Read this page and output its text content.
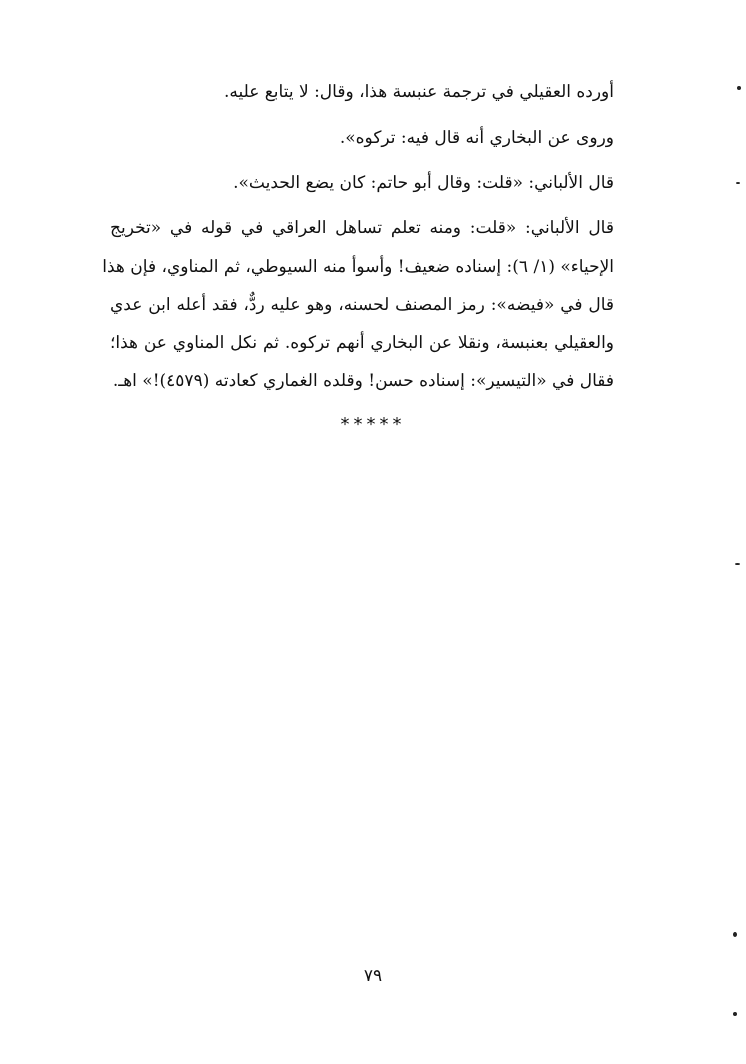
أورده العقيلي في ترجمة عنبسة هذا، وقال: لا يتابع عليه.
وروى عن البخاري أنه قال فيه: تركوه».
قال الألباني: «قلت: وقال أبو حاتم: كان يضع الحديث».
قال الألباني: «قلت: ومنه تعلم تساهل العراقي في قوله في «تخريج
الإحياء» (١/ ٦): إسناده ضعيف! وأسوأ منه السيوطي، ثم المناوي، فإن هذا
قال في «فيضه»: رمز المصنف لحسنه، وهو عليه ردٌّ، فقد أعله ابن عدي
والعقيلي بعنبسة، ونقلا عن البخاري أنهم تركوه. ثم نكل المناوي عن هذا؛
فقال في «التيسير»: إسناده حسن! وقلده الغماري كعادته (٤٥٧٩)!» اهـ.
*****
٧٩
